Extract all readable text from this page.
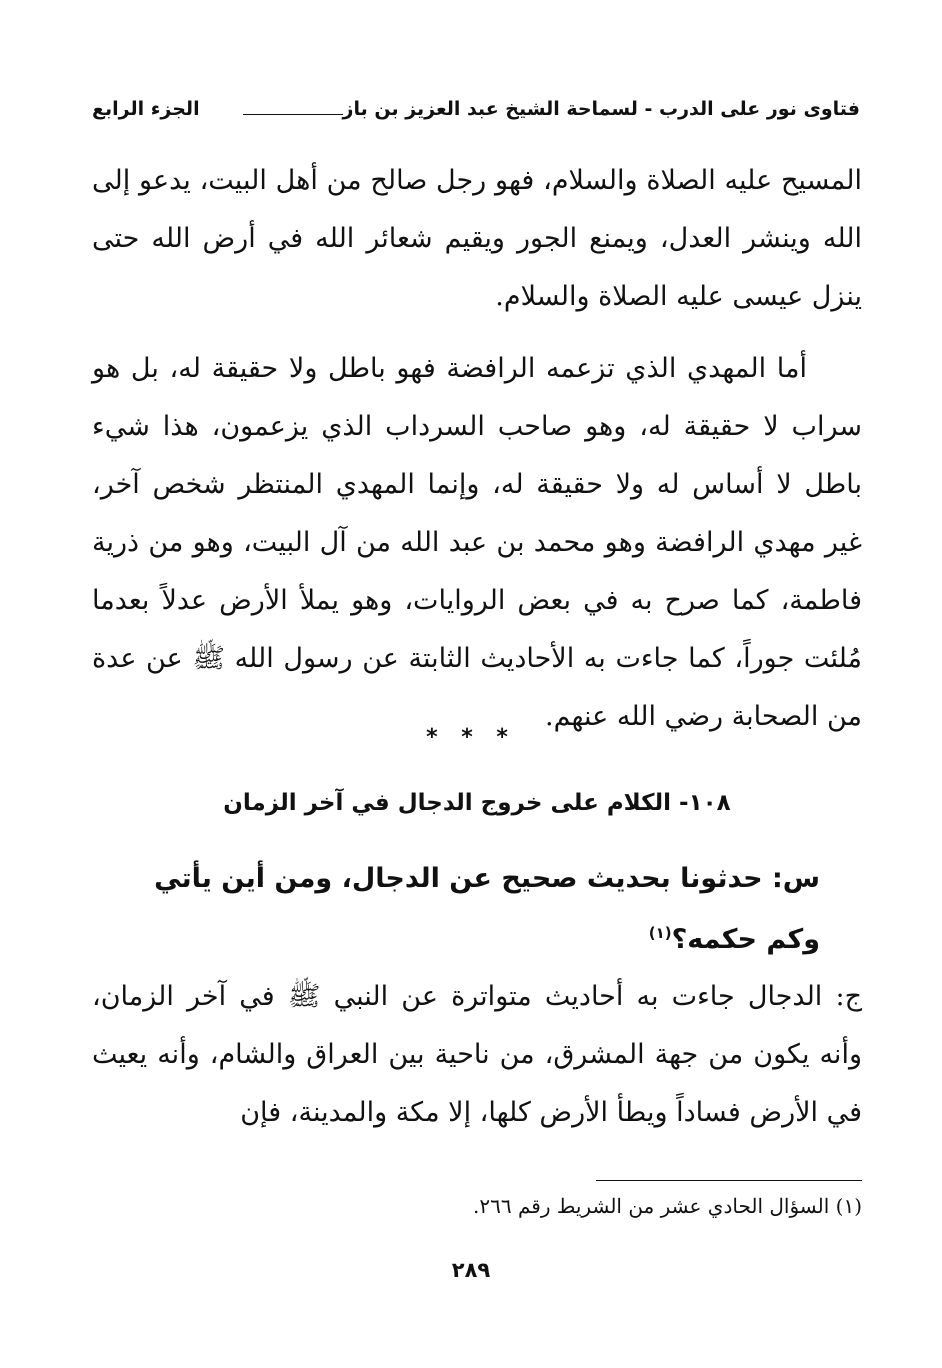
فتاوى نور على الدرب - لسماحة الشيخ عبد العزيز بن باز
الجزء الرابع
المسيح عليه الصلاة والسلام، فهو رجل صالح من أهل البيت، يدعو إلى الله وينشر العدل، ويمنع الجور ويقيم شعائر الله في أرض الله حتى ينزل عيسى عليه الصلاة والسلام.
أما المهدي الذي تزعمه الرافضة فهو باطل ولا حقيقة له، بل هو سراب لا حقيقة له، وهو صاحب السرداب الذي يزعمون، هذا شيء باطل لا أساس له ولا حقيقة له، وإنما المهدي المنتظر شخص آخر، غير مهدي الرافضة وهو محمد بن عبد الله من آل البيت، وهو من ذرية فاطمة، كما صرح به في بعض الروايات، وهو يملأ الأرض عدلاً بعدما مُلئت جوراً، كما جاءت به الأحاديث الثابتة عن رسول الله ﷺ عن عدة من الصحابة رضي الله عنهم.
* * *
١٠٨- الكلام على خروج الدجال في آخر الزمان
س: حدثونا بحديث صحيح عن الدجال، ومن أين يأتي وكم حكمه؟$^{(١)}$
ج: الدجال جاءت به أحاديث متواترة عن النبي ﷺ في آخر الزمان، وأنه يكون من جهة المشرق، من ناحية بين العراق والشام، وأنه يعيث في الأرض فساداً ويطأ الأرض كلها، إلا مكة والمدينة، فإن
(١) السؤال الحادي عشر من الشريط رقم ٢٦٦.
٢٨٩
